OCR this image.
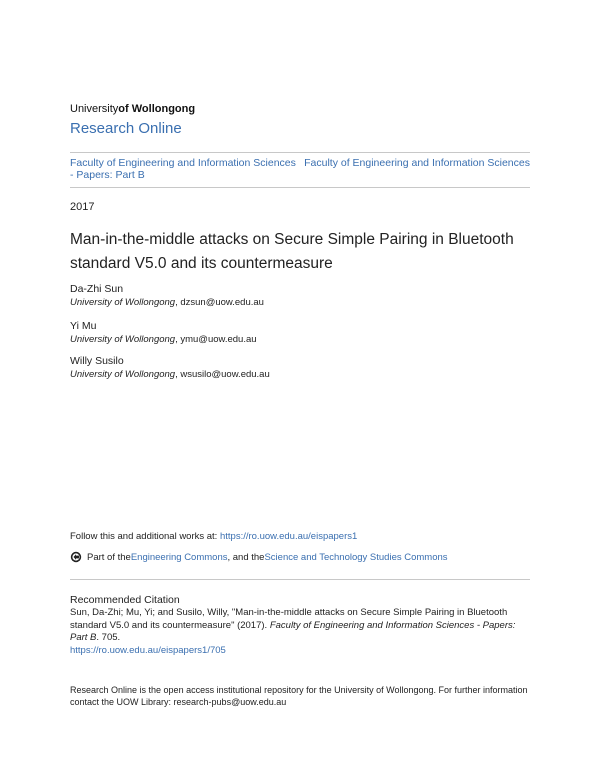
Universityof Wollongong
Research Online
Faculty of Engineering and Information Sciences - Papers: Part B
Faculty of Engineering and Information Sciences
2017
Man-in-the-middle attacks on Secure Simple Pairing in Bluetooth standard V5.0 and its countermeasure
Da-Zhi Sun
University of Wollongong, dzsun@uow.edu.au
Yi Mu
University of Wollongong, ymu@uow.edu.au
Willy Susilo
University of Wollongong, wsusilo@uow.edu.au
Follow this and additional works at: https://ro.uow.edu.au/eispapers1
Part of the Engineering Commons , and the Science and Technology Studies Commons
Recommended Citation
Sun, Da-Zhi; Mu, Yi; and Susilo, Willy, "Man-in-the-middle attacks on Secure Simple Pairing in Bluetooth standard V5.0 and its countermeasure" (2017). Faculty of Engineering and Information Sciences - Papers: Part B. 705.
https://ro.uow.edu.au/eispapers1/705
Research Online is the open access institutional repository for the University of Wollongong. For further information contact the UOW Library: research-pubs@uow.edu.au
